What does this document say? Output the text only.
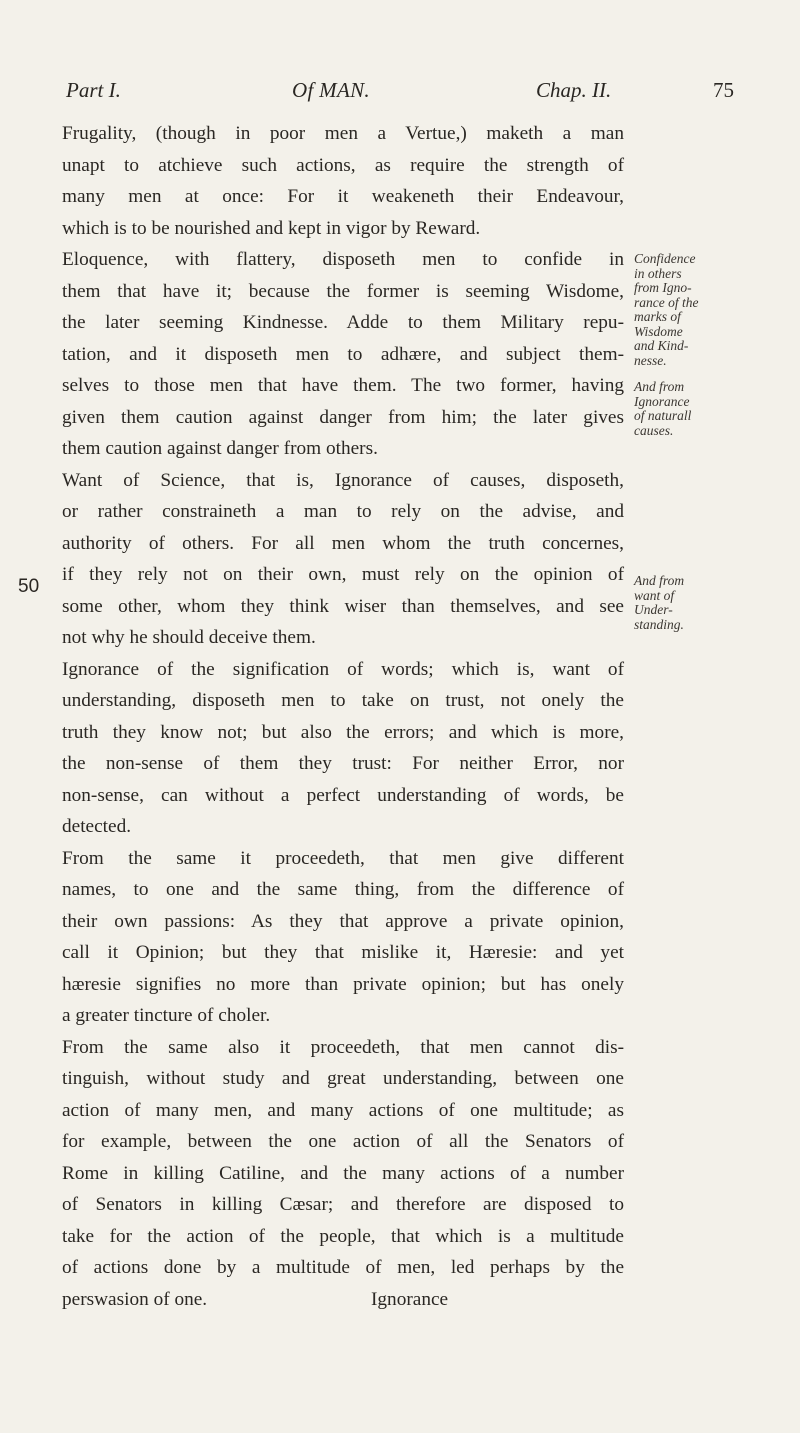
Part I.	Of MAN.	Chap. II.	75
50
Frugality, (though in poor men a Vertue,) maketh a man
unapt to atchieve such actions, as require the strength of
many men at once: For it weakeneth their Endeavour,
which is to be nourished and kept in vigor by Reward.
Eloquence, with flattery, disposeth men to confide in
them that have it; because the former is seeming Wisdome,
the later seeming Kindnesse. Adde to them Military repu-
tation, and it disposeth men to adhære, and subject them-
selves to those men that have them. The two former, having
given them caution against danger from him; the later gives
them caution against danger from others.
Want of Science, that is, Ignorance of causes, disposeth,
or rather constraineth a man to rely on the advise, and
authority of others. For all men whom the truth concernes,
if they rely not on their own, must rely on the opinion of
some other, whom they think wiser than themselves, and see
not why he should deceive them.
Ignorance of the signification of words; which is, want of
understanding, disposeth men to take on trust, not onely the
truth they know not; but also the errors; and which is more,
the non-sense of them they trust: For neither Error, nor
non-sense, can without a perfect understanding of words, be
detected.
From the same it proceedeth, that men give different
names, to one and the same thing, from the difference of
their own passions: As they that approve a private opinion,
call it Opinion; but they that mislike it, Hæresie: and yet
hæresie signifies no more than private opinion; but has onely
a greater tincture of choler.
From the same also it proceedeth, that men cannot dis-
tinguish, without study and great understanding, between one
action of many men, and many actions of one multitude; as
for example, between the one action of all the Senators of
Rome in killing Catiline, and the many actions of a number
of Senators in killing Cæsar; and therefore are disposed to
take for the action of the people, that which is a multitude
of actions done by a multitude of men, led perhaps by the
perswasion of one.                                  Ignorance
Confidence
in others
from Igno-
rance of the
marks of
Wisdome
and Kind-
nesse.
And from
Ignorance
of naturall
causes.
And from
want of
Under-
standing.
